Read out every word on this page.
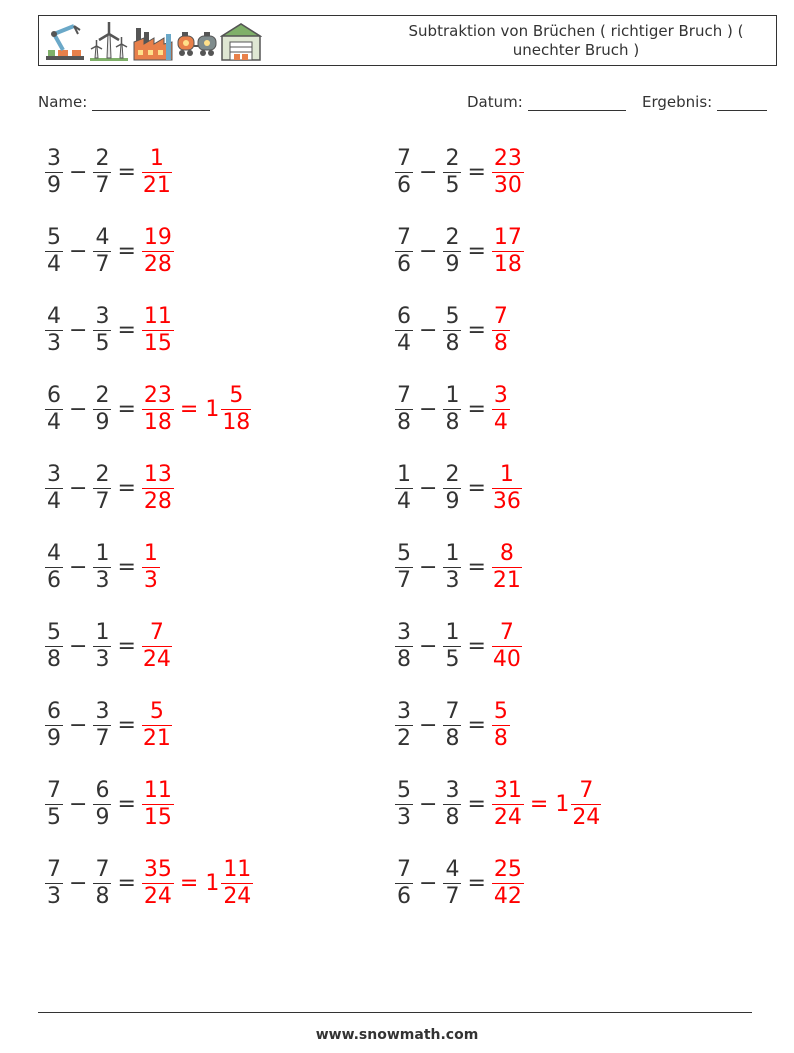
Subtraktion von Brüchen ( richtiger Bruch ) ( unechter Bruch )
Name:	Datum:	Ergebnis:
$\frac{3}{9} - \frac{2}{7} = \frac{1}{21}$	$\frac{7}{6} - \frac{2}{5} = \frac{23}{30}$
$\frac{5}{4} - \frac{4}{7} = \frac{19}{28}$	$\frac{7}{6} - \frac{2}{9} = \frac{17}{18}$
$\frac{4}{3} - \frac{3}{5} = \frac{11}{15}$	$\frac{6}{4} - \frac{5}{8} = \frac{7}{8}$
$\frac{6}{4} - \frac{2}{9} = \frac{23}{18} = 1 \frac{5}{18}$	$\frac{7}{8} - \frac{1}{8} = \frac{3}{4}$
$\frac{3}{4} - \frac{2}{7} = \frac{13}{28}$	$\frac{1}{4} - \frac{2}{9} = \frac{1}{36}$
$\frac{4}{6} - \frac{1}{3} = \frac{1}{3}$	$\frac{5}{7} - \frac{1}{3} = \frac{8}{21}$
$\frac{5}{8} - \frac{1}{3} = \frac{7}{24}$	$\frac{3}{8} - \frac{1}{5} = \frac{7}{40}$
$\frac{6}{9} - \frac{3}{7} = \frac{5}{21}$	$\frac{3}{2} - \frac{7}{8} = \frac{5}{8}$
$\frac{7}{5} - \frac{6}{9} = \frac{11}{15}$	$\frac{5}{3} - \frac{3}{8} = \frac{31}{24} = 1 \frac{7}{24}$
$\frac{7}{3} - \frac{7}{8} = \frac{35}{24} = 1 \frac{11}{24}$	$\frac{7}{6} - \frac{4}{7} = \frac{25}{42}$
www.snowmath.com
